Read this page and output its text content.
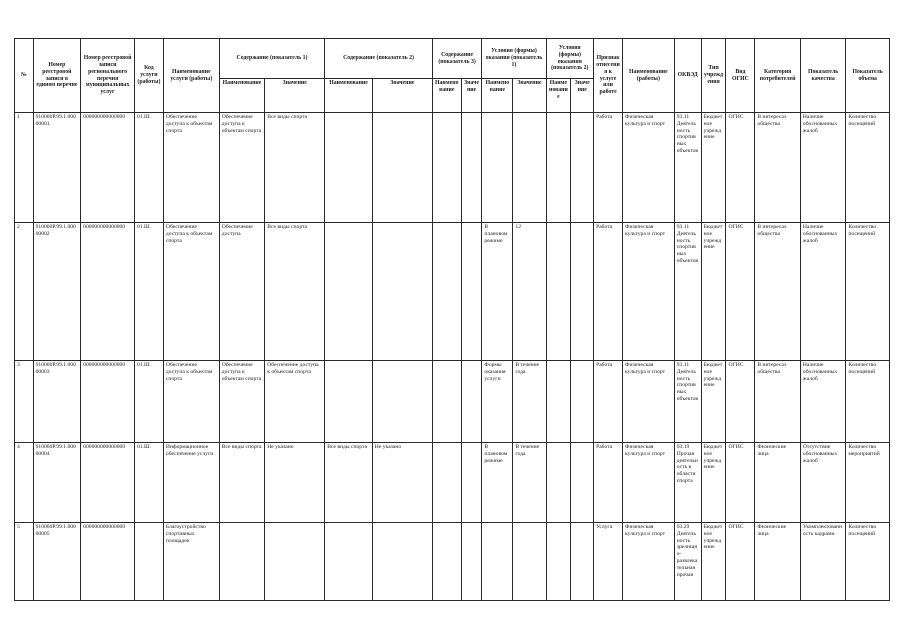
№	Номер реестровой записи в едином перечне	Номер реестровой записи регионального перечня муниципальных услуг	Код услуги (работы)	Наименование услуги (работы)	Содержание (показатель 1)		Содержание (показатель 2)		Содержание (показатель 3)		Условия (формы) оказания (показатель 1)		Условия (формы) оказания (показатель 2)		Признак отнесения к услуге или работе	Наименование (работы)	ОКВЭД	Тип учреждения	Вид ОГИС	Категория потребителей	Показатель качества	Показатель объема
					Наименование	Значение	Наименование	Значение	Наименование	Значение	Наименование	Значение	Наименование	Значение								
1	910000P.99.1.00000001	000000000000000	01.Ш.	Обеспечение доступа к объектам спорта	Обеспечение доступа к объектам спорта	Все виды спорта									Работа	Физическая культура и спорт	93.11 Деятельность спортивных объектов	Бюджетное учреждение	ОГИС	В интересах общества	Наличие обоснованных жалоб	Количество посещений
2	910000P.99.1.00000002	000000000000000	01.Ш.	Обеспечение доступа к объектам спорта	Обеспечение доступа	Все виды спорта					В плановом режиме	12			Работа	Физическая культура и спорт	93.11 Деятельность спортивных объектов	Бюджетное учреждение	ОГИС	В интересах общества	Наличие обоснованных жалоб	Количество посещений
3	910000P.99.1.00000003	000000000000000	01.Ш.	Обеспечение доступа к объектам спорта	Обеспечение доступа к объектам спорта	Обеспечение доступа к объектам спорта					Формы оказания услуги	В течение года			Работа	Физическая культура и спорт	93.11 Деятельность спортивных объектов	Бюджетное учреждение	ОГИС	В интересах общества	Наличие обоснованных жалоб	Количество посещений
4	910000P.99.1.00000004	000000000000000	01.Ш.	Информационное обеспечение услуги	Все виды спорта	Не указано	Все виды спорта	Не указано			В плановом режиме	В течение года			Работа	Физическая культура и спорт	93.19 Прочая деятельность в области спорта	Бюджетное учреждение	ОГИС	Физические лица	Отсутствие обоснованных жалоб	Количество мероприятий
5	910000P.99.1.00000005	000000000000000		Благоустройство спортивных площадок											Услуга	Физическая культура и спорт	93.29 Деятельность зрелищно-развлекательная прочая	Бюджетное учреждение	ОГИС	Физические лица	Укомплектованность кадрами	Количество посещений
